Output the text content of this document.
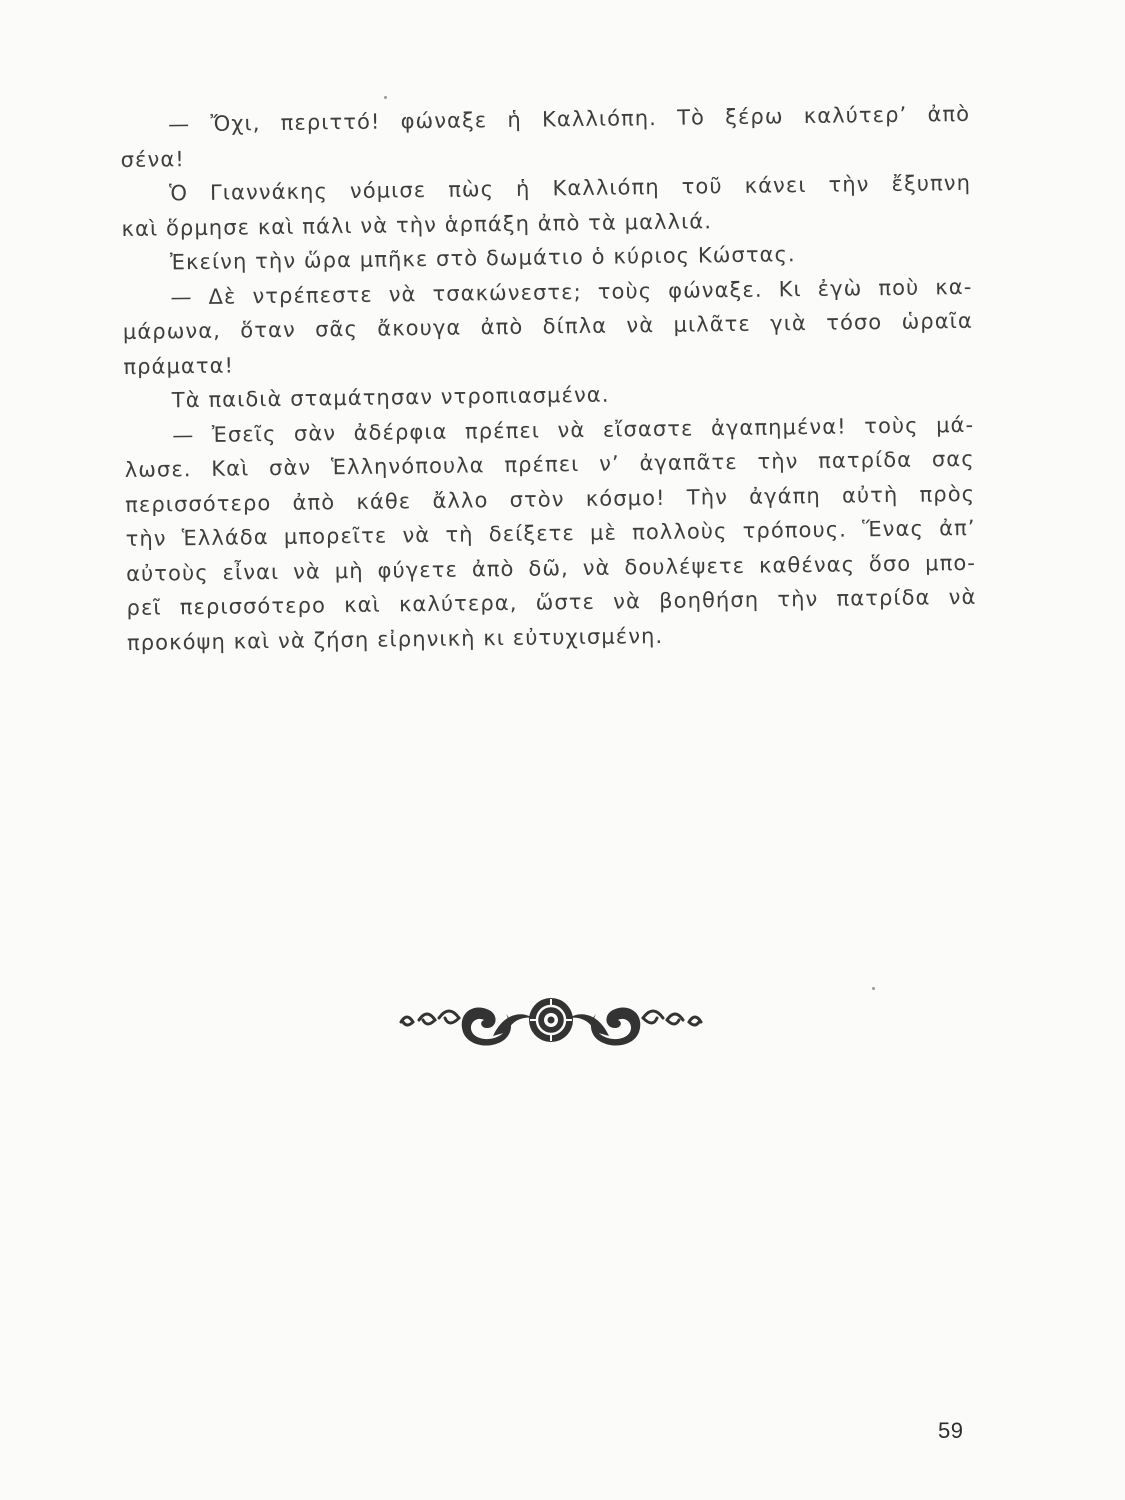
— Ὄχι, περιττό! φώναξε ἡ Καλλιόπη. Τὸ ξέρω καλύτερ’ ἀπὸ
σένα!
Ὁ Γιαννάκης νόμισε πὼς ἡ Καλλιόπη τοῦ κάνει τὴν ἔξυπνη
καὶ ὅρμησε καὶ πάλι νὰ τὴν ἁρπάξη ἀπὸ τὰ μαλλιά.
Ἐκείνη τὴν ὥρα μπῆκε στὸ δωμάτιο ὁ κύριος Κώστας.
— Δὲ ντρέπεστε νὰ τσακώνεστε; τοὺς φώναξε. Κι ἐγὼ ποὺ κα-
μάρωνα, ὅταν σᾶς ἄκουγα ἀπὸ δίπλα νὰ μιλᾶτε γιὰ τόσο ὡραῖα
πράματα!
Τὰ παιδιὰ σταμάτησαν ντροπιασμένα.
— Ἐσεῖς σὰν ἀδέρφια πρέπει νὰ εἴσαστε ἀγαπημένα! τοὺς μά-
λωσε. Καὶ σὰν Ἑλληνόπουλα πρέπει ν’ ἀγαπᾶτε τὴν πατρίδα σας
περισσότερο ἀπὸ κάθε ἄλλο στὸν κόσμο! Τὴν ἀγάπη αὐτὴ πρὸς
τὴν Ἑλλάδα μπορεῖτε νὰ τὴ δείξετε μὲ πολλοὺς τρόπους. Ἕνας ἀπ’
αὐτοὺς εἶναι νὰ μὴ φύγετε ἀπὸ δῶ, νὰ δουλέψετε καθένας ὅσο μπο-
ρεῖ περισσότερο καὶ καλύτερα, ὥστε νὰ βοηθήση τὴν πατρίδα νὰ
προκόψη καὶ νὰ ζήση εἰρηνικὴ κι εὐτυχισμένη.
59
